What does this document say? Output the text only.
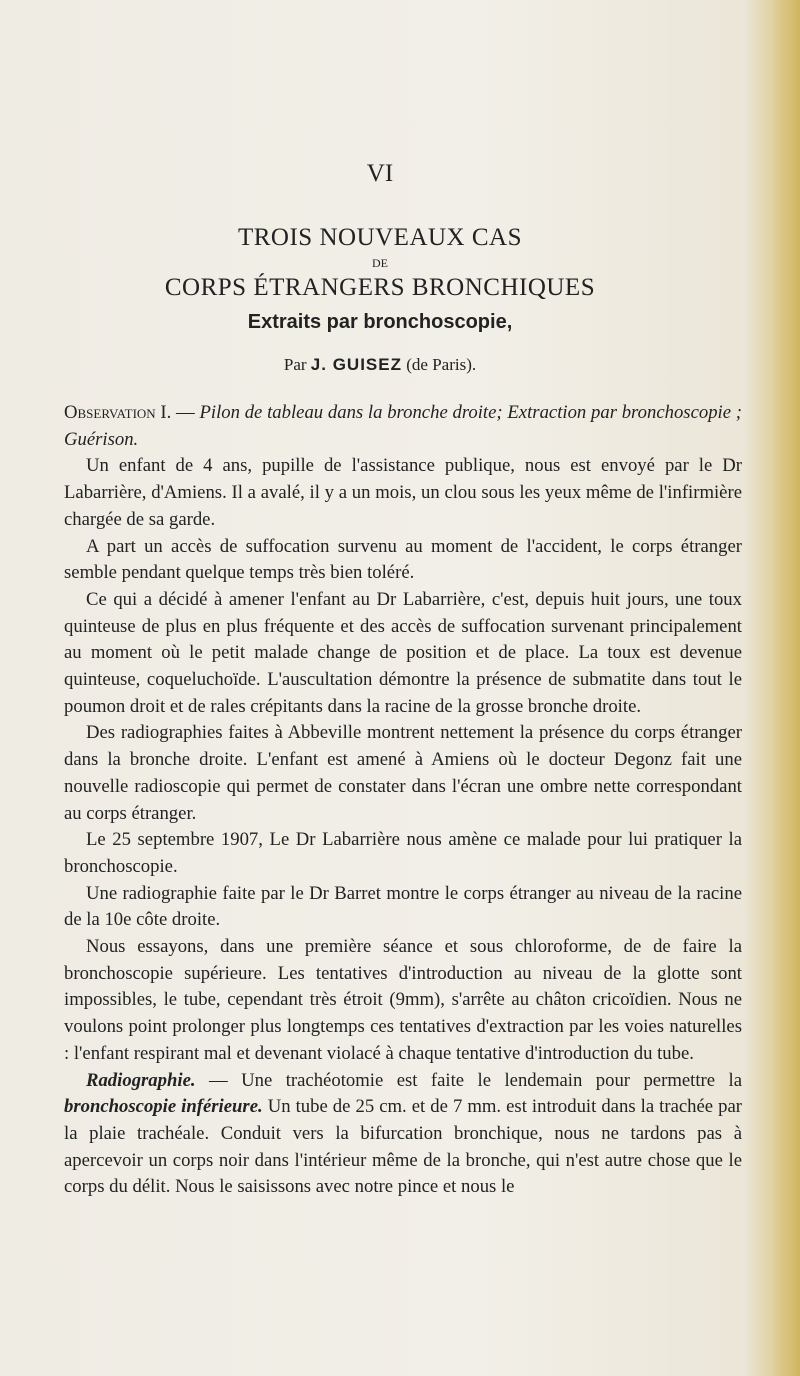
VI
TROIS NOUVEAUX CAS
DE
CORPS ÉTRANGERS BRONCHIQUES
Extraits par bronchoscopie,
Par J. GUISEZ (de Paris).

Observation I. — Pilon de tableau dans la bronche droite; Extraction par bronchoscopie ; Guérison.

Un enfant de 4 ans, pupille de l'assistance publique, nous est envoyé par le Dr Labarrière, d'Amiens. Il a avalé, il y a un mois, un clou sous les yeux même de l'infirmière chargée de sa garde.

A part un accès de suffocation survenu au moment de l'accident, le corps étranger semble pendant quelque temps très bien toléré.

Ce qui a décidé à amener l'enfant au Dr Labarrière, c'est, depuis huit jours, une toux quinteuse de plus en plus fréquente et des accès de suffocation survenant principalement au moment où le petit malade change de position et de place. La toux est devenue quinteuse, coqueluchoïde. L'auscultation démontre la présence de submatite dans tout le poumon droit et de rales crépitants dans la racine de la grosse bronche droite.

Des radiographies faites à Abbeville montrent nettement la présence du corps étranger dans la bronche droite. L'enfant est amené à Amiens où le docteur Degonz fait une nouvelle radioscopie qui permet de constater dans l'écran une ombre nette correspondant au corps étranger.

Le 25 septembre 1907, Le Dr Labarrière nous amène ce malade pour lui pratiquer la bronchoscopie.

Une radiographie faite par le Dr Barret montre le corps étranger au niveau de la racine de la 10e côte droite.

Nous essayons, dans une première séance et sous chloroforme, de de faire la bronchoscopie supérieure. Les tentatives d'introduction au niveau de la glotte sont impossibles, le tube, cependant très étroit (9mm), s'arrête au châton cricoïdien. Nous ne voulons point prolonger plus longtemps ces tentatives d'extraction par les voies naturelles : l'enfant respirant mal et devenant violacé à chaque tentative d'introduction du tube.

Radiographie. — Une trachéotomie est faite le lendemain pour permettre la bronchoscopie inférieure. Un tube de 25 cm. et de 7 mm. est introduit dans la trachée par la plaie trachéale. Conduit vers la bifurcation bronchique, nous ne tardons pas à apercevoir un corps noir dans l'intérieur même de la bronche, qui n'est autre chose que le corps du délit. Nous le saisissons avec notre pince et nous le
